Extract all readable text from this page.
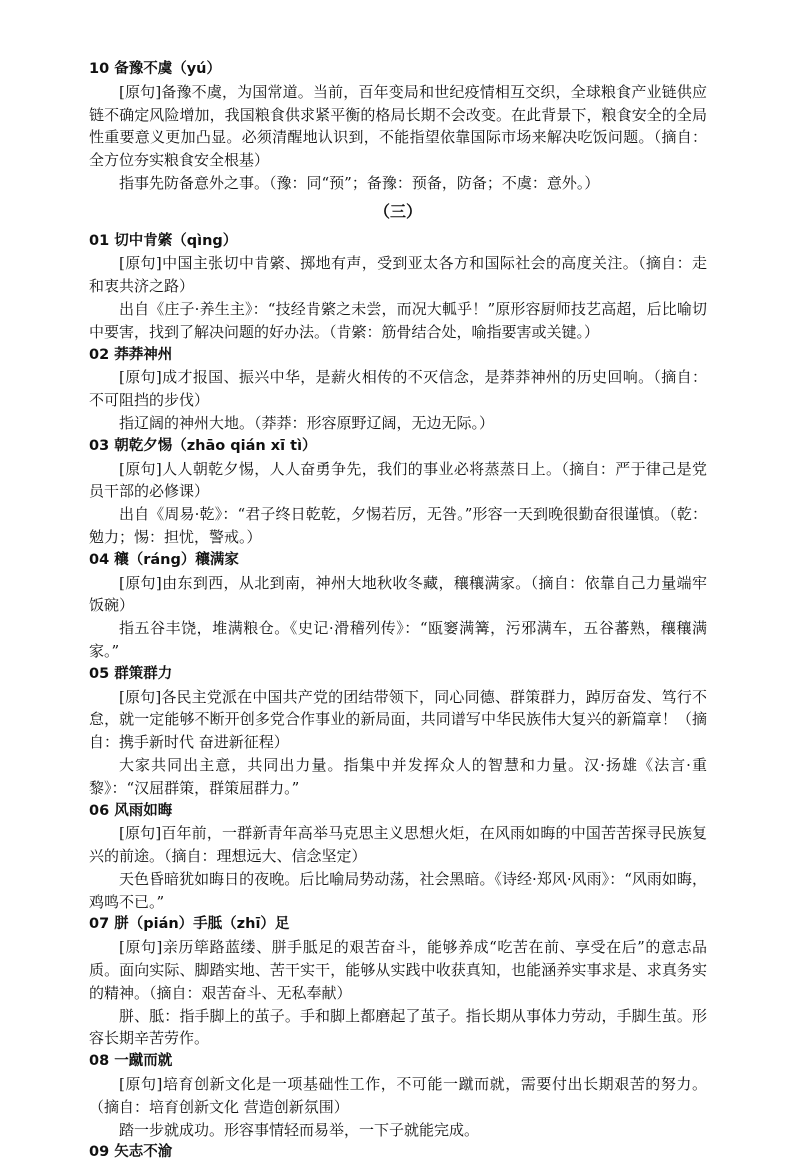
10 备豫不虞（yú）

[原句]备豫不虞，为国常道。当前，百年变局和世纪疫情相互交织，全球粮食产业链供应链不确定风险增加，我国粮食供求紧平衡的格局长期不会改变。在此背景下，粮食安全的全局性重要意义更加凸显。必须清醒地认识到，不能指望依靠国际市场来解决吃饭问题。（摘自：全方位夯实粮食安全根基）

指事先防备意外之事。（豫：同“预”；备豫：预备，防备；不虞：意外。）

（三）

01 切中肯綮（qìng）

[原句]中国主张切中肯綮、掷地有声，受到亚太各方和国际社会的高度关注。（摘自：走和衷共济之路）

出自《庄子·养生主》：“技经肯綮之未尝，而况大軱乎！”原形容厨师技艺高超，后比喻切中要害，找到了解决问题的好办法。（肯綮：筋骨结合处，喻指要害或关键。）

02 莽莽神州

[原句]成才报国、振兴中华，是薪火相传的不灭信念，是莽莽神州的历史回响。（摘自：不可阻挡的步伐）

指辽阔的神州大地。（莽莽：形容原野辽阔，无边无际。）

03 朝乾夕惕（zhāo qián xī tì）

[原句]人人朝乾夕惕，人人奋勇争先，我们的事业必将蒸蒸日上。（摘自：严于律己是党员干部的必修课）

出自《周易·乾》：“君子终日乾乾，夕惕若厉，无咎。”形容一天到晚很勤奋很谨慎。（乾：勉力；惕：担忧，警戒。）

04 穰（ráng）穰满家

[原句]由东到西，从北到南，神州大地秋收冬藏，穰穰满家。（摘自：依靠自己力量端牢饭碗）

指五谷丰饶，堆满粮仓。《史记·滑稽列传》：“瓯窭满篝，污邪满车，五谷蕃熟，穰穰满家。”

05 群策群力

[原句]各民主党派在中国共产党的团结带领下，同心同德、群策群力，踔厉奋发、笃行不怠，就一定能够不断开创多党合作事业的新局面，共同谱写中华民族伟大复兴的新篇章！（摘自：携手新时代 奋进新征程）

大家共同出主意，共同出力量。指集中并发挥众人的智慧和力量。汉·扬雄《法言·重黎》：“汉屈群策，群策屈群力。”

06 风雨如晦

[原句]百年前，一群新青年高举马克思主义思想火炬，在风雨如晦的中国苦苦探寻民族复兴的前途。（摘自：理想远大、信念坚定）

天色昏暗犹如晦日的夜晚。后比喻局势动荡，社会黑暗。《诗经·郑风·风雨》：“风雨如晦，鸡鸣不已。”

07 胼（pián）手胝（zhī）足

[原句]亲历筚路蓝缕、胼手胝足的艰苦奋斗，能够养成“吃苦在前、享受在后”的意志品质。面向实际、脚踏实地、苦干实干，能够从实践中收获真知，也能涵养实事求是、求真务实的精神。（摘自：艰苦奋斗、无私奉献）

胼、胝：指手脚上的茧子。手和脚上都磨起了茧子。指长期从事体力劳动，手脚生茧。形容长期辛苦劳作。

08 一蹴而就

[原句]培育创新文化是一项基础性工作，不可能一蹴而就，需要付出长期艰苦的努力。（摘自：培育创新文化 营造创新氛围）

踏一步就成功。形容事情轻而易举，一下子就能完成。

09 矢志不渝
